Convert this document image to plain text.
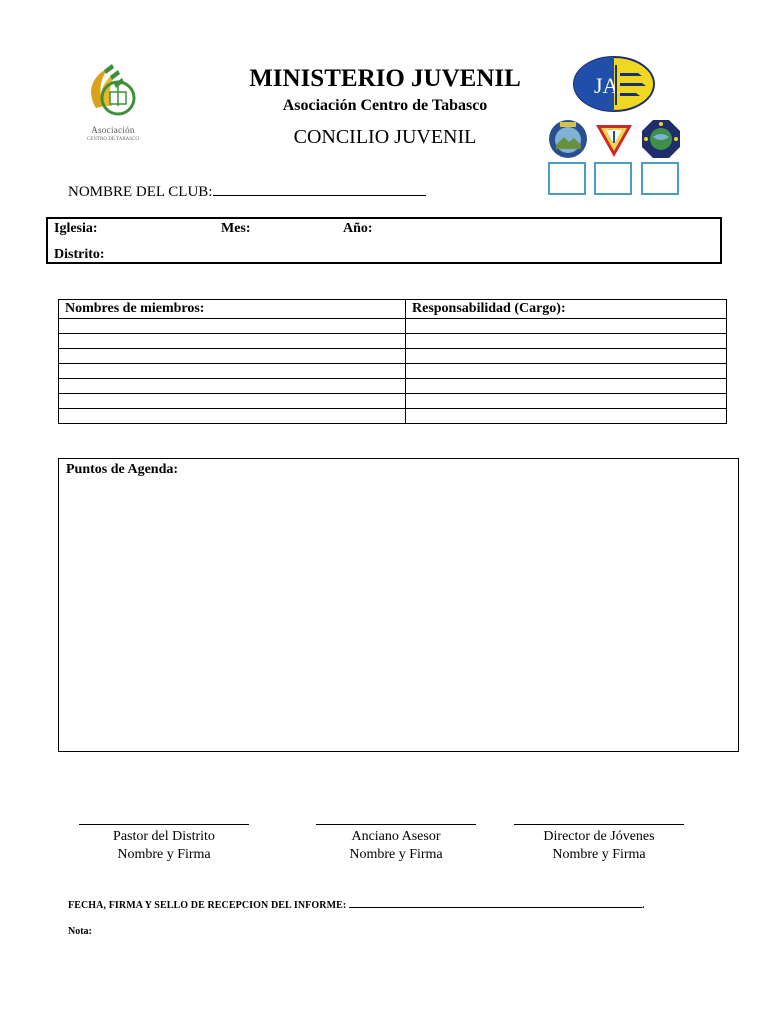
Asociación
CENTRO DE TABASCO
MINISTERIO JUVENIL
Asociación Centro de Tabasco
CONCILIO JUVENIL
JA
NOMBRE DEL CLUB:
Iglesia:	Mes:	Año:
Distrito:
Nombres de miembros:	Responsabilidad (Cargo):

Puntos de Agenda:
Pastor del Distrito
Nombre y Firma
Anciano Asesor
Nombre y Firma
Director de Jóvenes
Nombre y Firma
FECHA, FIRMA Y SELLO DE RECEPCION DEL INFORME:	.
Nota:
